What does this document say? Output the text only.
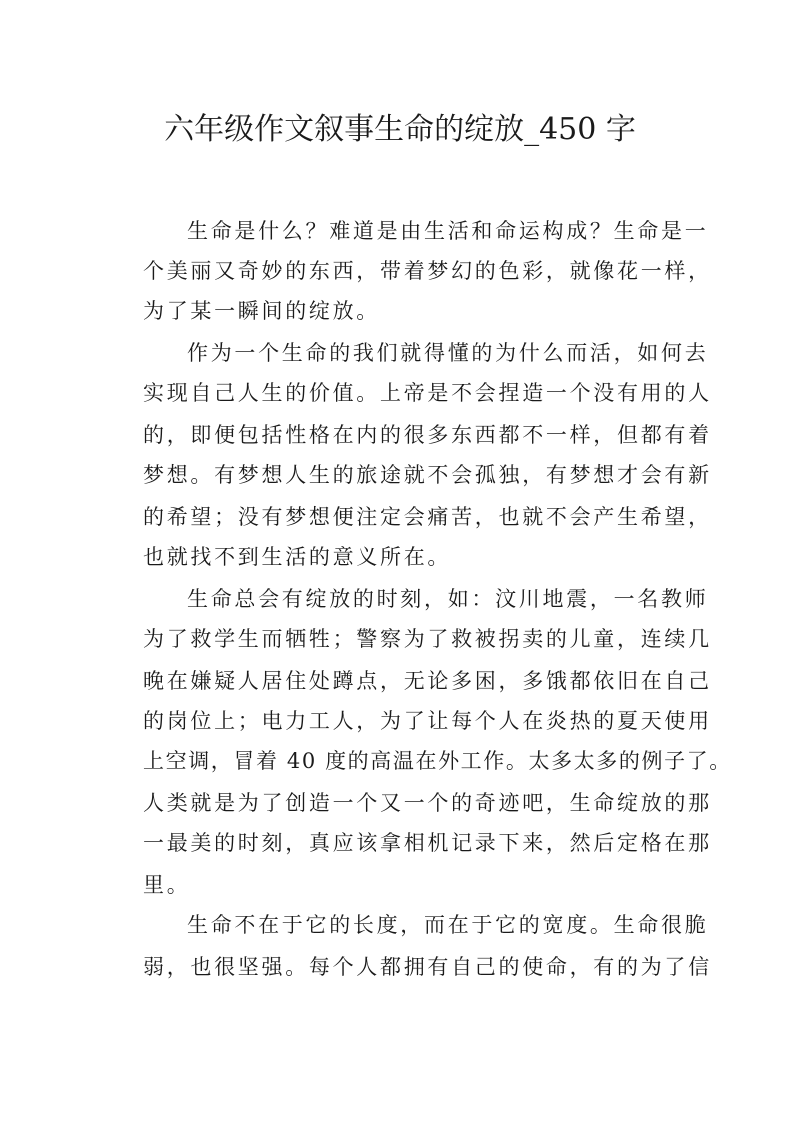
六年级作文叙事生命的绽放_450 字

生命是什么？难道是由生活和命运构成？生命是一

个美丽又奇妙的东西，带着梦幻的色彩，就像花一样，

为了某一瞬间的绽放。

作为一个生命的我们就得懂的为什么而活，如何去

实现自己人生的价值。上帝是不会捏造一个没有用的人

的，即便包括性格在内的很多东西都不一样，但都有着

梦想。有梦想人生的旅途就不会孤独，有梦想才会有新

的希望；没有梦想便注定会痛苦，也就不会产生希望，

也就找不到生活的意义所在。

生命总会有绽放的时刻，如：汶川地震，一名教师

为了救学生而牺牲；警察为了救被拐卖的儿童，连续几

晚在嫌疑人居住处蹲点，无论多困，多饿都依旧在自己

的岗位上；电力工人，为了让每个人在炎热的夏天使用

上空调，冒着 40 度的高温在外工作。太多太多的例子了。

人类就是为了创造一个又一个的奇迹吧，生命绽放的那

一最美的时刻，真应该拿相机记录下来，然后定格在那

里。

生命不在于它的长度，而在于它的宽度。生命很脆

弱，也很坚强。每个人都拥有自己的使命，有的为了信
